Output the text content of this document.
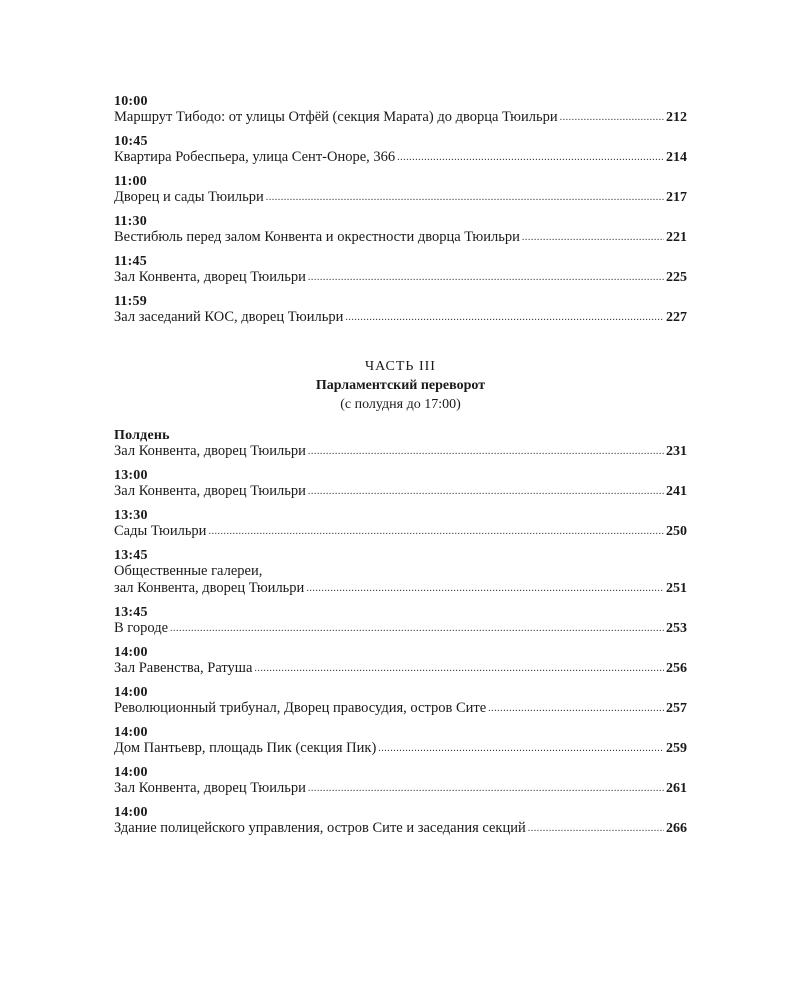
10:00
Маршрут Тибодо: от улицы Отфёй (секция Марата) до дворца Тюильри .....	212
10:45
Квартира Робеспьера, улица Сент-Оноре, 366 .....	214
11:00
Дворец и сады Тюильри .....	217
11:30
Вестибюль перед залом Конвента и окрестности дворца Тюильри .....	221
11:45
Зал Конвента, дворец Тюильри .....	225
11:59
Зал заседаний КОС, дворец Тюильри .....	227
ЧАСТЬ III
Парламентский переворот
(с полудня до 17:00)
Полдень
Зал Конвента, дворец Тюильри .....	231
13:00
Зал Конвента, дворец Тюильри .....	241
13:30
Сады Тюильри .....	250
13:45
Общественные галереи,
зал Конвента, дворец Тюильри .....	251
13:45
В городе .....	253
14:00
Зал Равенства, Ратуша .....	256
14:00
Революционный трибунал, Дворец правосудия, остров Сите .....	257
14:00
Дом Пантьевр, площадь Пик (секция Пик) .....	259
14:00
Зал Конвента, дворец Тюильри .....	261
14:00
Здание полицейского управления, остров Сите и заседания секций .....	266
